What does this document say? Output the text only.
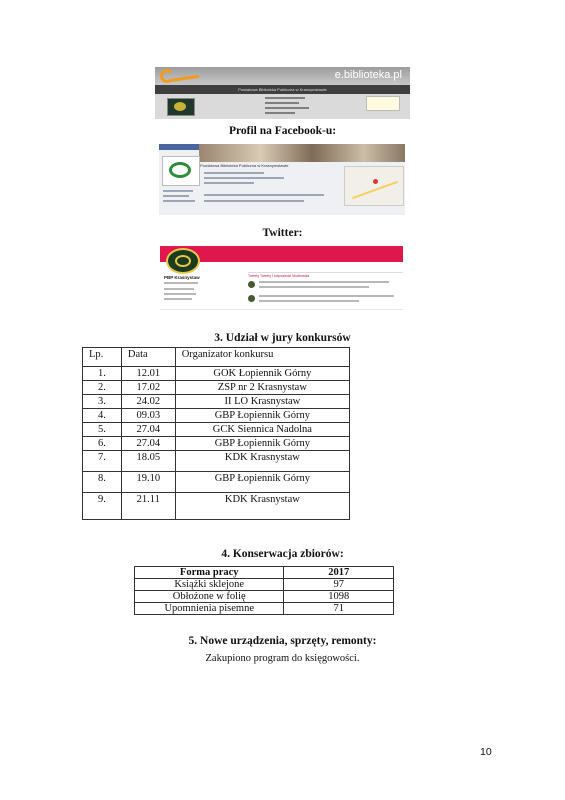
e.biblioteka.pl
Powiatowa Biblioteka Publiczna w Krasnymstawie
Profil na Facebook-u:
Powiatowa Biblioteka Publiczna w Krasnymstawie
Twitter:
PBP Krasnystaw	Tweety Tweety i odpowiedzi Multimedia
3. Udział w jury konkursów
Lp.	Data	Organizator konkursu
1.	12.01	GOK Łopiennik Górny
2.	17.02	ZSP nr 2 Krasnystaw
3.	24.02	II LO Krasnystaw
4.	09.03	GBP Łopiennik Górny
5.	27.04	GCK Siennica Nadolna
6.	27.04	GBP Łopiennik Górny
7.	18.05	KDK Krasnystaw
8.	19.10	GBP Łopiennik Górny
9.	21.11	KDK Krasnystaw
4. Konserwacja zbiorów:
Forma pracy	2017
Książki sklejone	97
Obłożone w folię	1098
Upomnienia pisemne	71
5. Nowe urządzenia, sprzęty, remonty:
Zakupiono program do księgowości.
10
